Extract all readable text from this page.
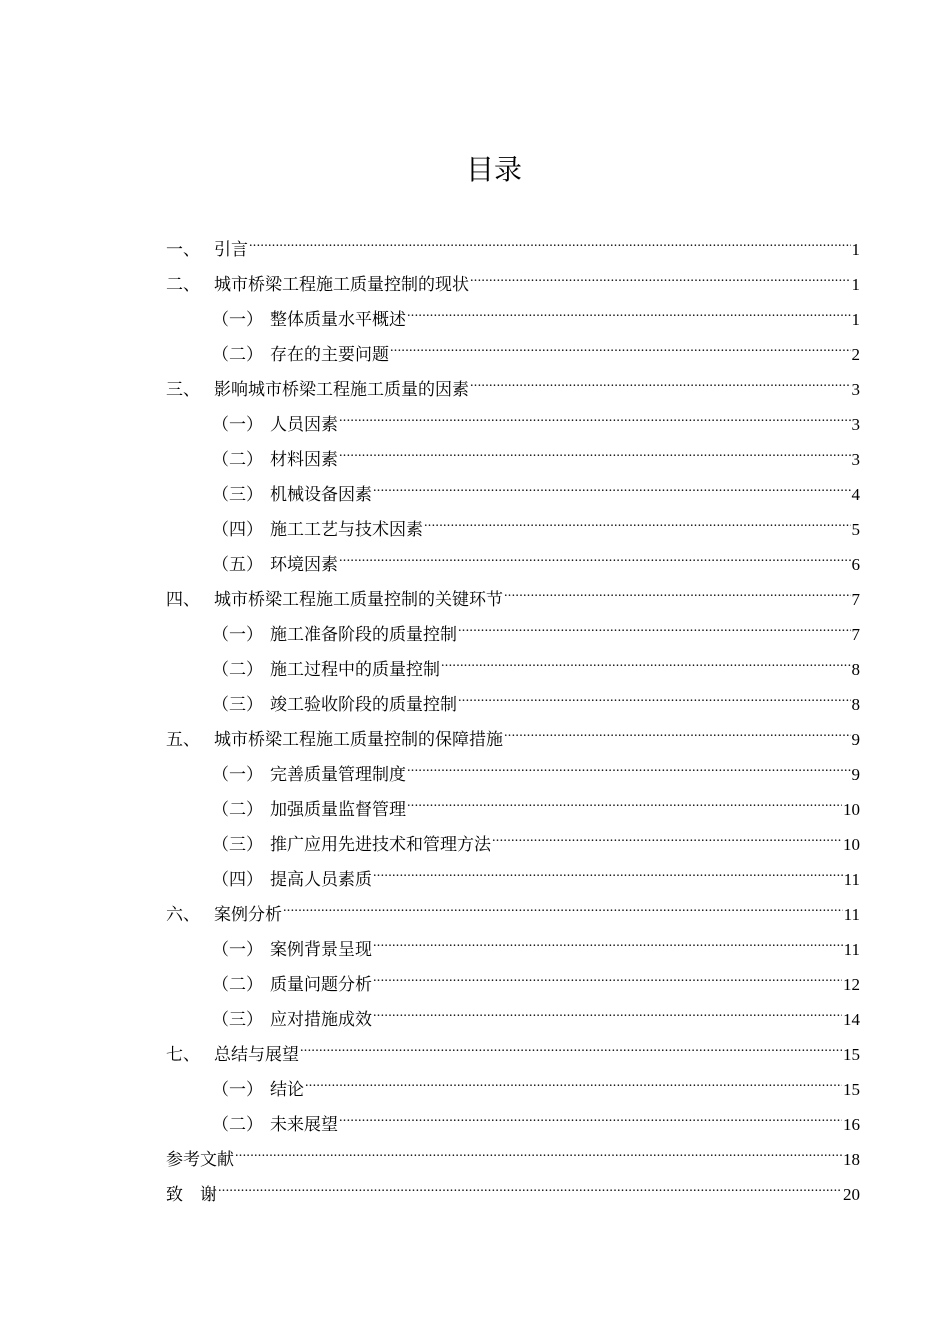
目录
一、 引言 .....	1
二、 城市桥梁工程施工质量控制的现状 .....	1
（一） 整体质量水平概述 .....	1
（二） 存在的主要问题 .....	2
三、 影响城市桥梁工程施工质量的因素 .....	3
（一） 人员因素 .....	3
（二） 材料因素 .....	3
（三） 机械设备因素 .....	4
（四） 施工工艺与技术因素 .....	5
（五） 环境因素 .....	6
四、 城市桥梁工程施工质量控制的关键环节 .....	7
（一） 施工准备阶段的质量控制 .....	7
（二） 施工过程中的质量控制 .....	8
（三） 竣工验收阶段的质量控制 .....	8
五、 城市桥梁工程施工质量控制的保障措施 .....	9
（一） 完善质量管理制度 .....	9
（二） 加强质量监督管理 .....	10
（三） 推广应用先进技术和管理方法 .....	10
（四） 提高人员素质 .....	11
六、 案例分析 .....	11
（一） 案例背景呈现 .....	11
（二） 质量问题分析 .....	12
（三） 应对措施成效 .....	14
七、 总结与展望 .....	15
（一） 结论 .....	15
（二） 未来展望 .....	16
参考文献 .....	18
致　谢 .....	20
